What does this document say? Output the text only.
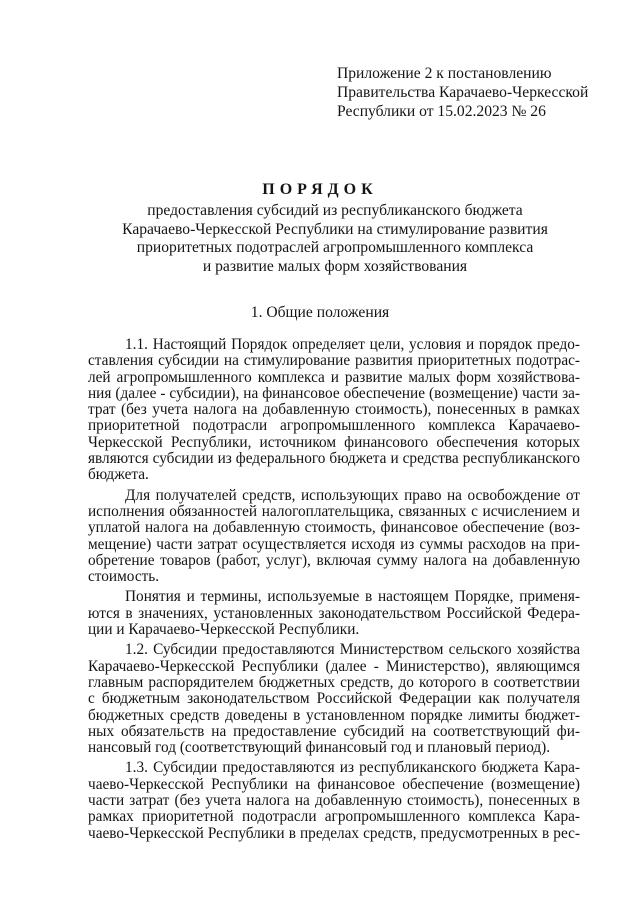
Приложение 2 к постановлению
Правительства Карачаево-Черкесской
Республики от 15.02.2023 № 26
ПОРЯДОК
предоставления субсидий из республиканского бюджета
Карачаево-Черкесской Республики на стимулирование развития
приоритетных подотраслей агропромышленного комплекса
и развитие малых форм хозяйствования
1. Общие положения
1.1. Настоящий Порядок определяет цели, условия и порядок предо-
ставления субсидии на стимулирование развития приоритетных подотрас-
лей агропромышленного комплекса и развитие малых форм хозяйствова-
ния (далее - субсидии), на финансовое обеспечение (возмещение) части за-
трат (без учета налога на добавленную стоимость), понесенных в рамках
приоритетной подотрасли агропромышленного комплекса Карачаево-
Черкесской Республики, источником финансового обеспечения которых
являются субсидии из федерального бюджета и средства республиканского
бюджета.
Для получателей средств, использующих право на освобождение от
исполнения обязанностей налогоплательщика, связанных с исчислением и
уплатой налога на добавленную стоимость, финансовое обеспечение (воз-
мещение) части затрат осуществляется исходя из суммы расходов на при-
обретение товаров (работ, услуг), включая сумму налога на добавленную
стоимость.
Понятия и термины, используемые в настоящем Порядке, применя-
ются в значениях, установленных законодательством Российской Федера-
ции и Карачаево-Черкесской Республики.
1.2. Субсидии предоставляются Министерством сельского хозяйства
Карачаево-Черкесской Республики (далее - Министерство), являющимся
главным распорядителем бюджетных средств, до которого в соответствии
с бюджетным законодательством Российской Федерации как получателя
бюджетных средств доведены в установленном порядке лимиты бюджет-
ных обязательств на предоставление субсидий на соответствующий фи-
нансовый год (соответствующий финансовый год и плановый период).
1.3. Субсидии предоставляются из республиканского бюджета Кара-
чаево-Черкесской Республики на финансовое обеспечение (возмещение)
части затрат (без учета налога на добавленную стоимость), понесенных в
рамках приоритетной подотрасли агропромышленного комплекса Кара-
чаево-Черкесской Республики в пределах средств, предусмотренных в рес-
